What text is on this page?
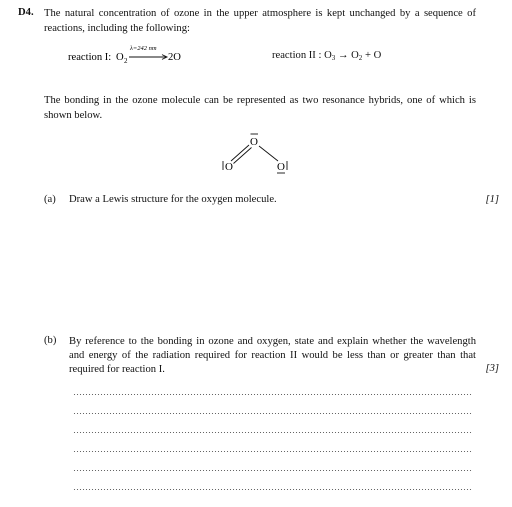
D4. The natural concentration of ozone in the upper atmosphere is kept unchanged by a sequence of reactions, including the following:
reaction I: O 2
λ=242 nm
2O	reaction II : $O_3 \to O_2 + O$
The bonding in the ozone molecule can be represented as two resonance hybrids, one of which is shown below.
O
O	O
(a) Draw a Lewis structure for the oxygen molecule.	[1]
(b) By reference to the bonding in ozone and oxygen, state and explain whether the wavelength and energy of the radiation required for reaction II would be less than or greater than that required for reaction I.	[3]
